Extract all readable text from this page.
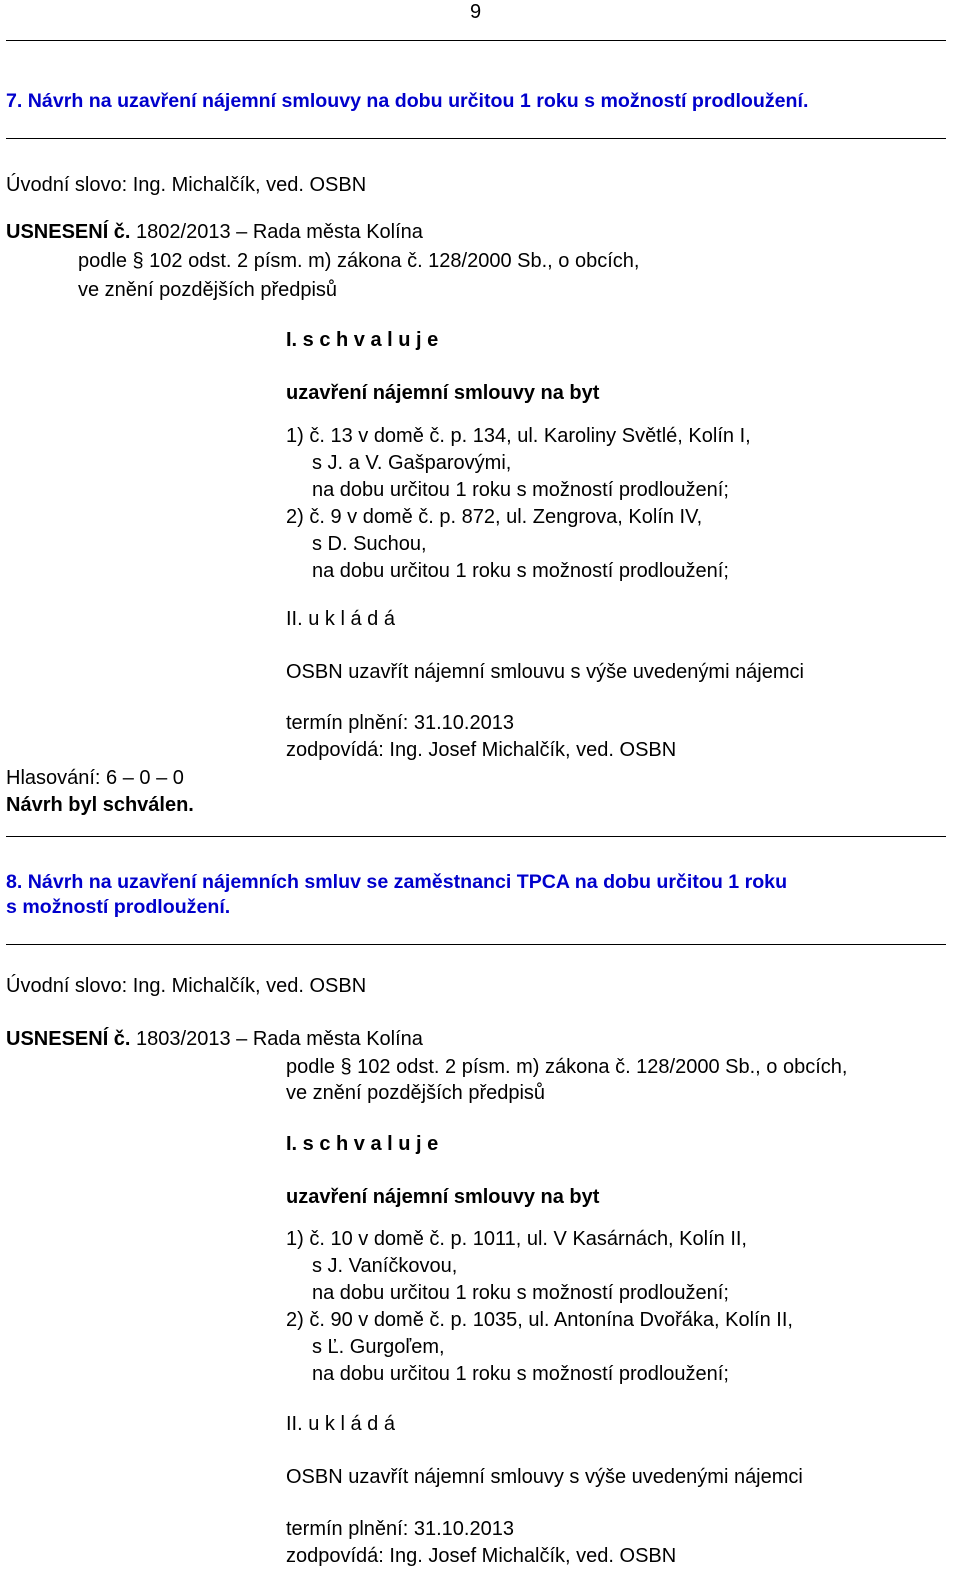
9
7. Návrh na uzavření nájemní smlouvy na dobu určitou 1 roku s možností prodloužení.
Úvodní slovo: Ing. Michalčík, ved. OSBN
USNESENÍ č. 1802/2013 – Rada města Kolína
podle § 102 odst. 2 písm. m) zákona č. 128/2000 Sb., o obcích,
ve znění pozdějších předpisů
I. s c h v a l u j e
uzavření nájemní smlouvy na byt
1) č. 13 v domě č. p. 134, ul. Karoliny Světlé, Kolín I,
s J. a V. Gašparovými,
na dobu určitou 1 roku s možností prodloužení;
2) č. 9 v domě č. p. 872, ul. Zengrova, Kolín IV,
s D. Suchou,
na dobu určitou 1 roku s možností prodloužení;
II. u k l á d á
OSBN uzavřít nájemní smlouvu s výše uvedenými nájemci
termín plnění: 31.10.2013
zodpovídá: Ing. Josef Michalčík, ved. OSBN
Hlasování: 6 – 0 – 0
Návrh byl schválen.
8. Návrh na uzavření nájemních smluv se zaměstnanci TPCA na dobu určitou 1 roku
s možností prodloužení.
Úvodní slovo: Ing. Michalčík, ved. OSBN
USNESENÍ č. 1803/2013 – Rada města Kolína
podle § 102 odst. 2 písm. m) zákona č. 128/2000 Sb., o obcích,
ve znění pozdějších předpisů
I. s c h v a l u j e
uzavření nájemní smlouvy na byt
1) č. 10 v domě č. p. 1011, ul. V Kasárnách, Kolín II,
s J. Vaníčkovou,
na dobu určitou 1 roku s možností prodloužení;
2) č. 90 v domě č. p. 1035, ul. Antonína Dvořáka, Kolín II,
s Ľ. Gurgoľem,
na dobu určitou 1 roku s možností prodloužení;
II. u k l á d á
OSBN uzavřít nájemní smlouvy s výše uvedenými nájemci
termín plnění: 31.10.2013
zodpovídá: Ing. Josef Michalčík, ved. OSBN
